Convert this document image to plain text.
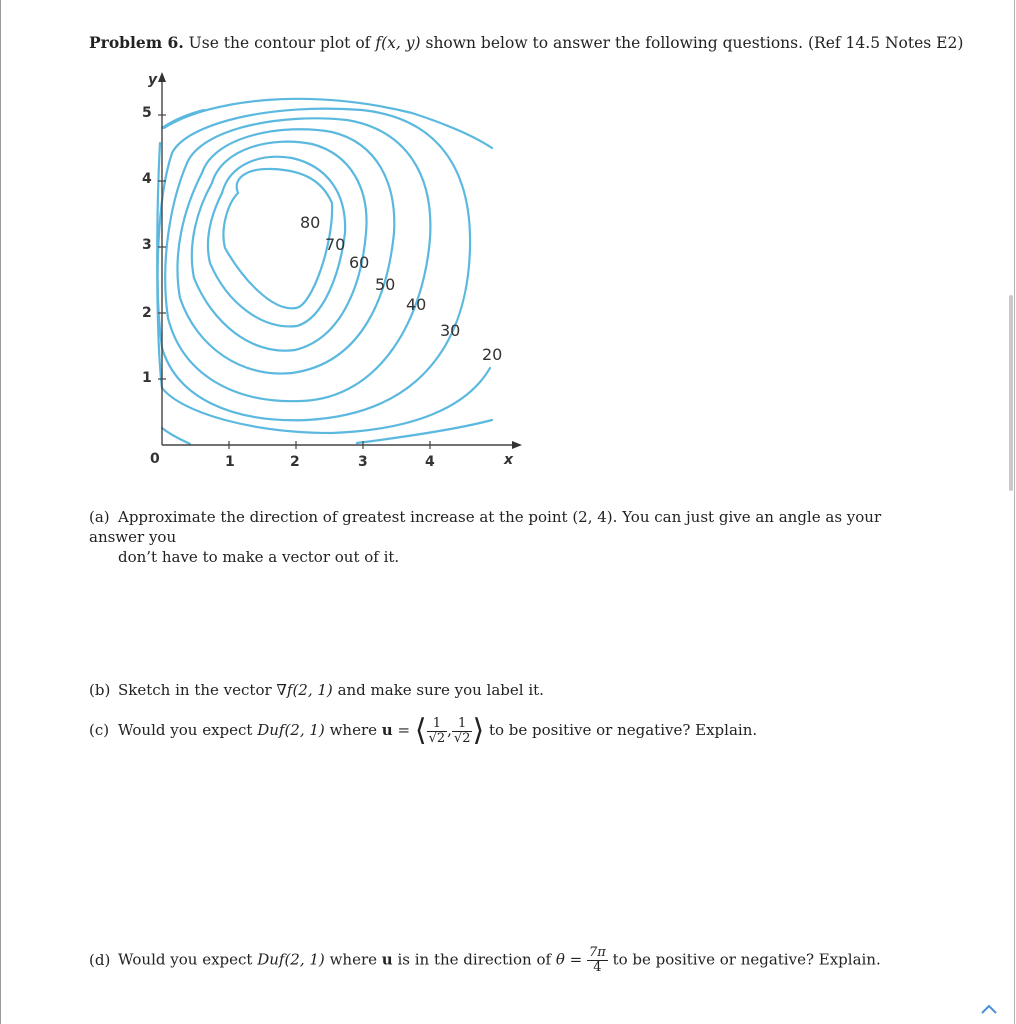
Problem 6. Use the contour plot of f(x, y) shown below to answer the following questions. (Ref 14.5 Notes E2)
0	1	2	3	4
1
2
3
4
5
y
x
80
70
60
50
40
30
20
(a) Approximate the direction of greatest increase at the point (2, 4). You can just give an angle as your answer you
don’t have to make a vector out of it.
(b) Sketch in the vector ∇f(2, 1) and make sure you label it.
(c) Would you expect Duf(2, 1) where u = ⟨ $\frac{1}{√2}$ , $\frac{1}{√2}$ ⟩ to be positive or negative? Explain.
(d) Would you expect Duf(2, 1) where u is in the direction of $\theta = \frac{7\pi}{4}$ to be positive or negative? Explain.
